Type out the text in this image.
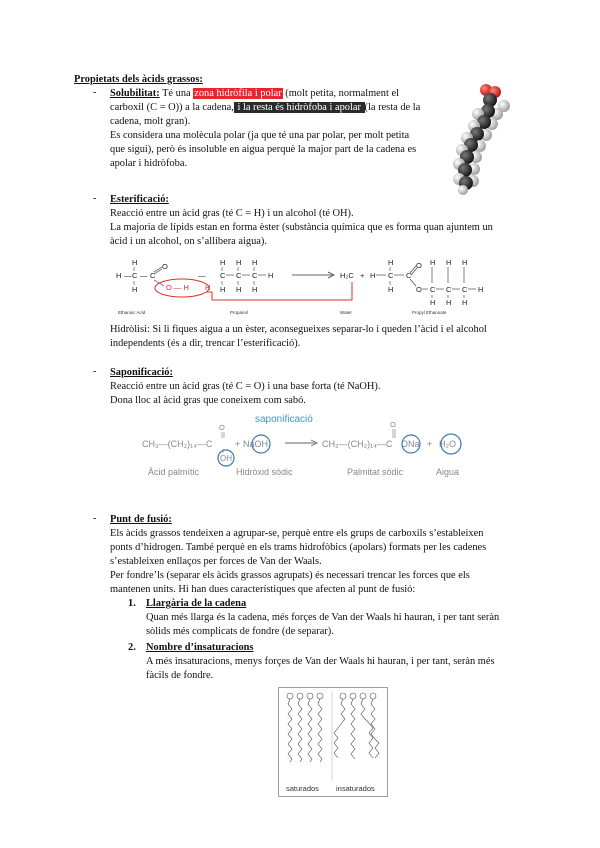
Propietats dels àcids grassos:
- Solubilitat: Té una zona hidròfila i polar (molt petita, normalment el
carboxil (C = O)) a la cadena, i la resta és hidròfoba i apolar (la resta de la
cadena, molt gran).
Es considera una molècula polar (ja que té una par polar, per molt petita
que sigui), però és insoluble en aigua perquè la major part de la cadena es
apolar i hidròfoba.
- Esterificació:
Reacció entre un àcid gras (té C = H) i un alcohol (té OH).
La majoria de lípids estan en forma èster (substància química que es forma quan ajuntem un
àcid i un alcohol, on s’allibera aigua).
H
H — C — C
O
H	O — H
—
H H H
H
C C C H
H H H
H₂C + H
H
C
H
C
O
O
H H H
C C C H
H H H
Ethanoic Acid	Propanol	Water	Propyl Ethanoate
Hidròlisi: Si li fiques aigua a un èster, aconsegueixes separar-lo i queden l’àcid i el alcohol
independents (és a dir, trencar l’esterificació).
- Saponificació:
Reacció entre un àcid gras (té C = O) i una base forta (té NaOH).
Dona lloc al àcid gras que coneixem com sabó.
saponificació
CH₃—(CH₂)₁₄—C
O
+ NaOH
OH
CH₃—(CH₂)₁₄—C
O
ONa + H₂O
Àcid palmític	Hidròxid sòdic	Palmitat sòdic	Aigua
- Punt de fusió:
Els àcids grassos tendeixen a agrupar-se, perquè entre els grups de carboxils s’estableixen
ponts d’hidrogen. També perquè en els trams hidrofòbics (apolars) formats per les cadenes
s’estableixen enllaços per forces de Van der Waals.
Per fondre’ls (separar els àcids grassos agrupats) és necessari trencar les forces que els
mantenen units. Hi han dues característiques que afecten al punt de fusió:
1. Llargària de la cadena
Quan més llarga és la cadena, més forçes de Van der Waals hi hauran, i per tant seràn
sòlids més complicats de fondre (de separar).
2. Nombre d’insaturacions
A més insaturacions, menys forçes de Van der Waals hi hauran, i per tant, seràn més
fàcils de fondre.
saturados insaturados
